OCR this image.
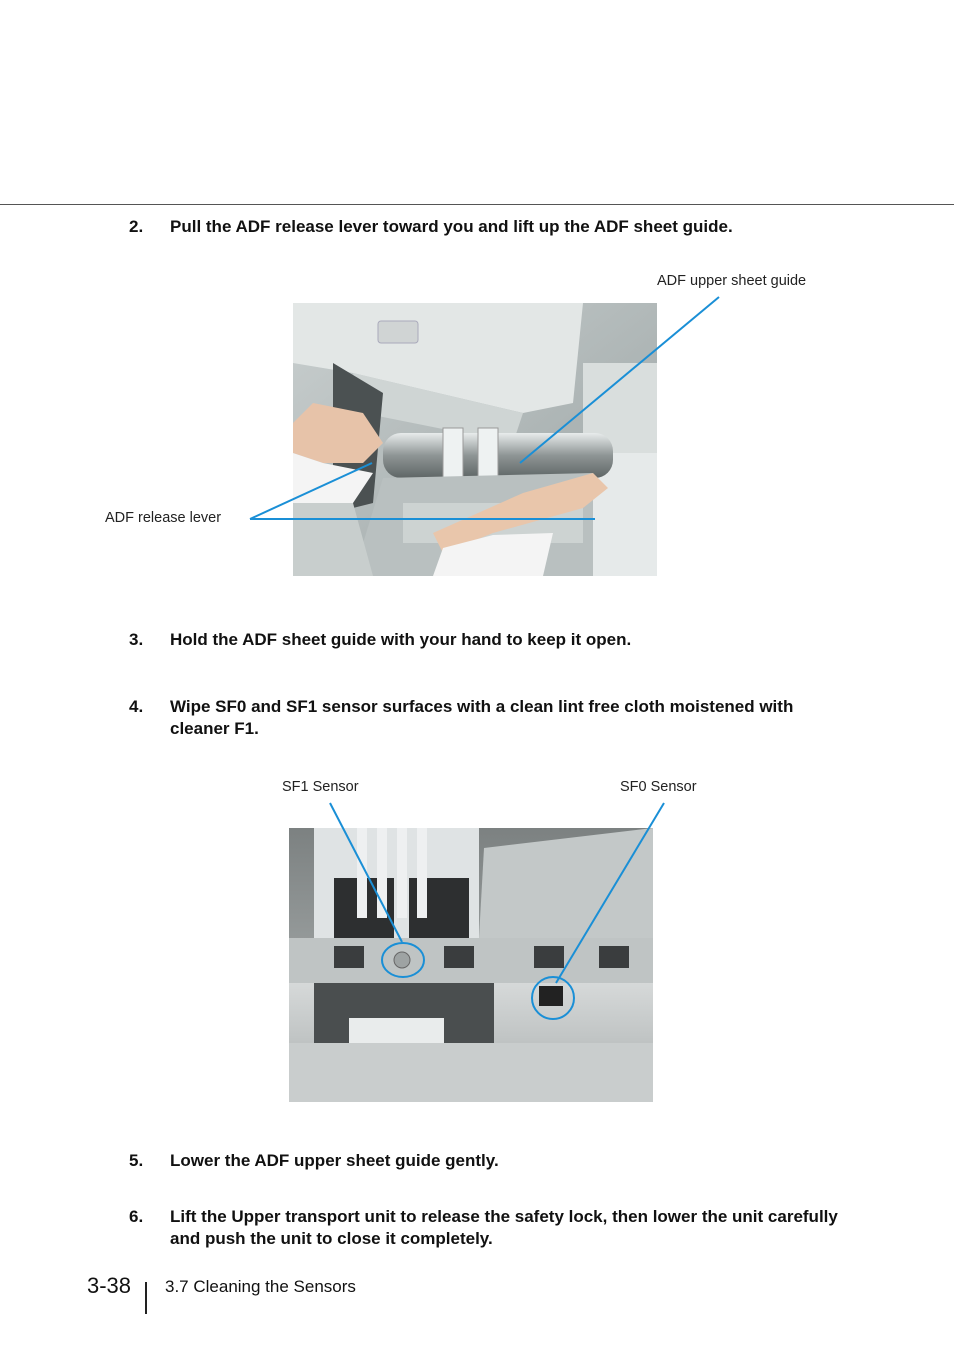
2. Pull the ADF release lever toward you and lift up the ADF sheet guide.
ADF upper sheet guide
ADF release lever
3. Hold the ADF sheet guide with your hand to keep it open.
4. Wipe SF0 and SF1 sensor surfaces with a clean lint free cloth moistened with cleaner F1.
SF1 Sensor	SF0 Sensor
5. Lower the ADF upper sheet guide gently.
6. Lift the Upper transport unit to release the safety lock, then lower the unit carefully and push the unit to close it completely.
3-38 3.7 Cleaning the Sensors
